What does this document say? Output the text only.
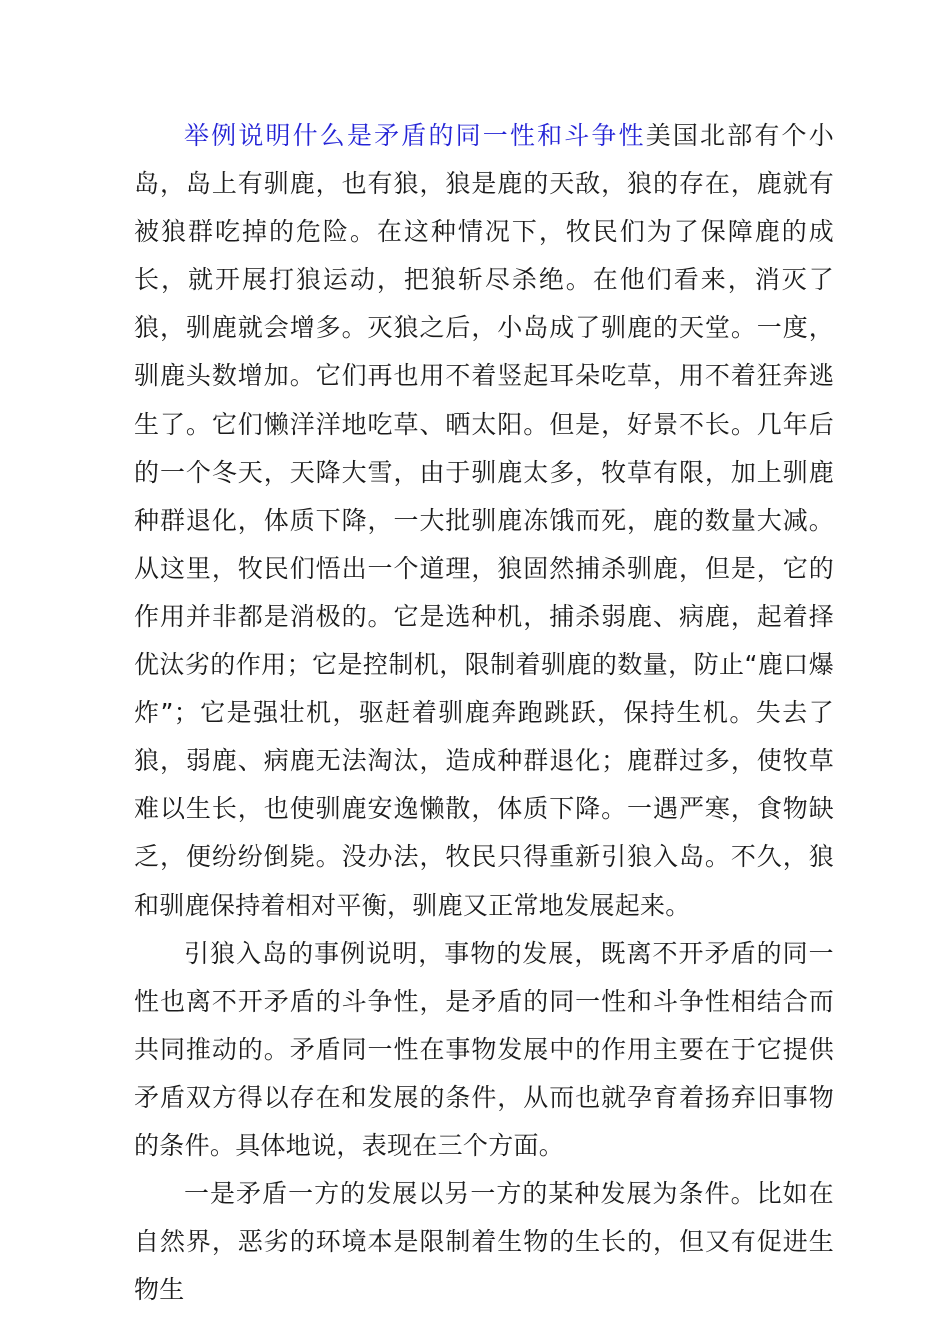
举例说明什么是矛盾的同一性和斗争性美国北部有个小岛，岛上有驯鹿，也有狼，狼是鹿的天敌，狼的存在，鹿就有被狼群吃掉的危险。在这种情况下，牧民们为了保障鹿的成长，就开展打狼运动，把狼斩尽杀绝。在他们看来，消灭了狼，驯鹿就会增多。灭狼之后，小岛成了驯鹿的天堂。一度，驯鹿头数增加。它们再也用不着竖起耳朵吃草，用不着狂奔逃生了。它们懒洋洋地吃草、晒太阳。但是，好景不长。几年后的一个冬天，天降大雪，由于驯鹿太多，牧草有限，加上驯鹿种群退化，体质下降，一大批驯鹿冻饿而死，鹿的数量大减。从这里，牧民们悟出一个道理，狼固然捕杀驯鹿，但是，它的作用并非都是消极的。它是选种机，捕杀弱鹿、病鹿，起着择优汰劣的作用；它是控制机，限制着驯鹿的数量，防止“鹿口爆炸”；它是强壮机，驱赶着驯鹿奔跑跳跃，保持生机。失去了狼，弱鹿、病鹿无法淘汰，造成种群退化；鹿群过多，使牧草难以生长，也使驯鹿安逸懒散，体质下降。一遇严寒，食物缺乏，便纷纷倒毙。没办法，牧民只得重新引狼入岛。不久，狼和驯鹿保持着相对平衡，驯鹿又正常地发展起来。

引狼入岛的事例说明，事物的发展，既离不开矛盾的同一性也离不开矛盾的斗争性，是矛盾的同一性和斗争性相结合而共同推动的。矛盾同一性在事物发展中的作用主要在于它提供矛盾双方得以存在和发展的条件，从而也就孕育着扬弃旧事物的条件。具体地说，表现在三个方面。

一是矛盾一方的发展以另一方的某种发展为条件。比如在自然界，恶劣的环境本是限制着生物的生长的，但又有促进生物生
